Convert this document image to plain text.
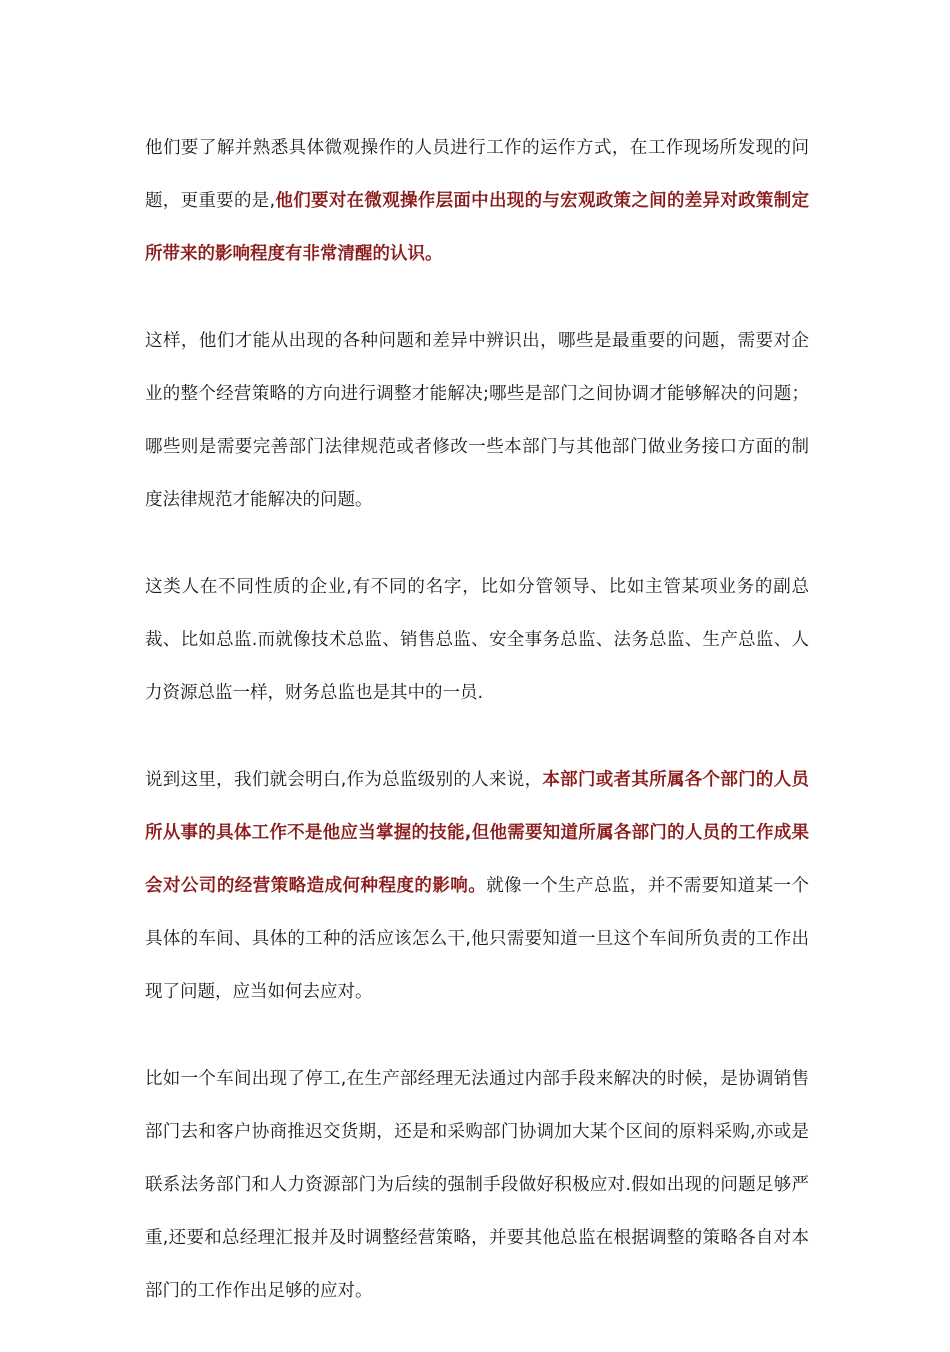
他们要了解并熟悉具体微观操作的人员进行工作的运作方式，在工作现场所发现的问题，更重要的是,他们要对在微观操作层面中出现的与宏观政策之间的差异对政策制定所带来的影响程度有非常清醒的认识。

这样，他们才能从出现的各种问题和差异中辨识出，哪些是最重要的问题，需要对企业的整个经营策略的方向进行调整才能解决;哪些是部门之间协调才能够解决的问题；哪些则是需要完善部门法律规范或者修改一些本部门与其他部门做业务接口方面的制度法律规范才能解决的问题。

这类人在不同性质的企业,有不同的名字，比如分管领导、比如主管某项业务的副总裁、比如总监.而就像技术总监、销售总监、安全事务总监、法务总监、生产总监、人力资源总监一样，财务总监也是其中的一员.

说到这里，我们就会明白,作为总监级别的人来说，本部门或者其所属各个部门的人员所从事的具体工作不是他应当掌握的技能,但他需要知道所属各部门的人员的工作成果会对公司的经营策略造成何种程度的影响。就像一个生产总监，并不需要知道某一个具体的车间、具体的工种的活应该怎么干,他只需要知道一旦这个车间所负责的工作出现了问题，应当如何去应对。

比如一个车间出现了停工,在生产部经理无法通过内部手段来解决的时候，是协调销售部门去和客户协商推迟交货期，还是和采购部门协调加大某个区间的原料采购,亦或是联系法务部门和人力资源部门为后续的强制手段做好积极应对.假如出现的问题足够严重,还要和总经理汇报并及时调整经营策略，并要其他总监在根据调整的策略各自对本部门的工作作出足够的应对。
